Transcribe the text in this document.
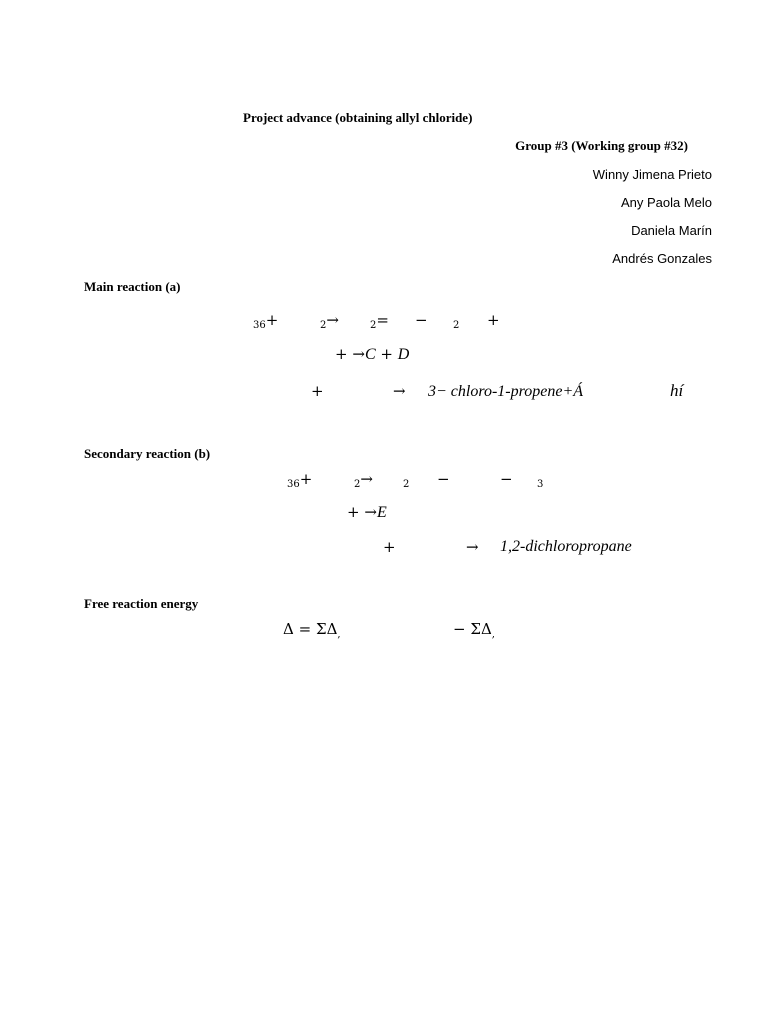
Project advance (obtaining allyl chloride)
Group #3 (Working group #32)
Winny Jimena Prieto
Any Paola Melo
Daniela Marín
Andrés Gonzales
Main reaction (a)
$_{36}$+	$_2$→	$_2$= −	$_2$ +
+ →C + D
+	→ 3− chloro-1-propene+Á	hí
Secondary reaction (b)
$_{36}$+	$_2$→	$_2$ −	− $_3$
+ →E
+	→ 1,2-dichloropropane
Free reaction energy
$\Delta = \Sigma\Delta_,$	− $\Sigma\Delta_,$
